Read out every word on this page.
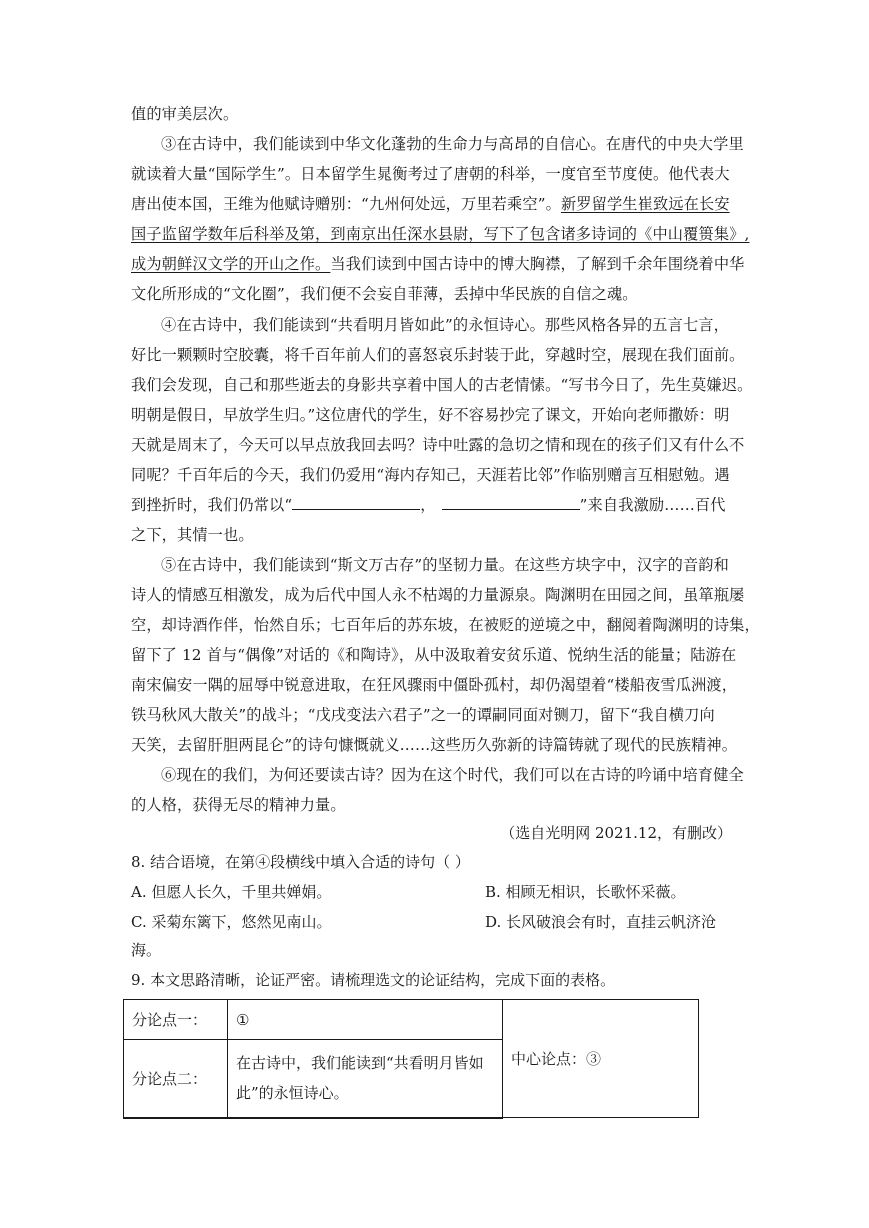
值的审美层次。
③在古诗中，我们能读到中华文化蓬勃的生命力与高昂的自信心。在唐代的中央大学里
就读着大量“国际学生”。日本留学生晁衡考过了唐朝的科举，一度官至节度使。他代表大
唐出使本国，王维为他赋诗赠别：“九州何处远，万里若乘空”。新罗留学生崔致远在长安
国子监留学数年后科举及第，到南京出任深水县尉，写下了包含诸多诗词的《中山覆篑集》,
成为朝鲜汉文学的开山之作。当我们读到中国古诗中的博大胸襟，了解到千余年围绕着中华
文化所形成的“文化圈”，我们便不会妄自菲薄，丢掉中华民族的自信之魂。
④在古诗中，我们能读到“共看明月皆如此”的永恒诗心。那些风格各异的五言七言，
好比一颗颗时空胶囊，将千百年前人们的喜怒哀乐封装于此，穿越时空，展现在我们面前。
我们会发现，自己和那些逝去的身影共享着中国人的古老情愫。“写书今日了，先生莫嫌迟。
明朝是假日，早放学生归。”这位唐代的学生，好不容易抄完了课文，开始向老师撒娇：明
天就是周末了，今天可以早点放我回去吗？诗中吐露的急切之情和现在的孩子们又有什么不
同呢？千百年后的今天，我们仍爱用“海内存知己，天涯若比邻”作临别赠言互相慰勉。遇
到挫折时，我们仍常以“	，	”来自我激励……百代
之下，其情一也。
⑤在古诗中，我们能读到“斯文万古存”的坚韧力量。在这些方块字中，汉字的音韵和
诗人的情感互相激发，成为后代中国人永不枯竭的力量源泉。陶渊明在田园之间，虽箪瓶屡
空，却诗酒作伴，怡然自乐；七百年后的苏东坡，在被贬的逆境之中，翻阅着陶渊明的诗集，
留下了 12 首与“偶像”对话的《和陶诗》，从中汲取着安贫乐道、悦纳生活的能量；陆游在
南宋偏安一隅的屈辱中锐意进取，在狂风骤雨中僵卧孤村，却仍渴望着“楼船夜雪瓜洲渡，
铁马秋风大散关”的战斗；“戊戌变法六君子”之一的谭嗣同面对铡刀，留下“我自横刀向
天笑，去留肝胆两昆仑”的诗句慷慨就义……这些历久弥新的诗篇铸就了现代的民族精神。
⑥现在的我们，为何还要读古诗？因为在这个时代，我们可以在古诗的吟诵中培育健全
的人格，获得无尽的精神力量。
（选自光明网 2021.12，有删改）
8. 结合语境，在第④段横线中填入合适的诗句（ ）
A. 但愿人长久，千里共婵娟。	B. 相顾无相识，长歌怀采薇。
C. 采菊东篱下，悠然见南山。	D. 长风破浪会有时，直挂云帆济沧
海。
9. 本文思路清晰，论证严密。请梳理选文的论证结构，完成下面的表格。
分论点一：	①	中心论点：③
分论点二：	在古诗中，我们能读到“共看明月皆如
此”的永恒诗心。	
